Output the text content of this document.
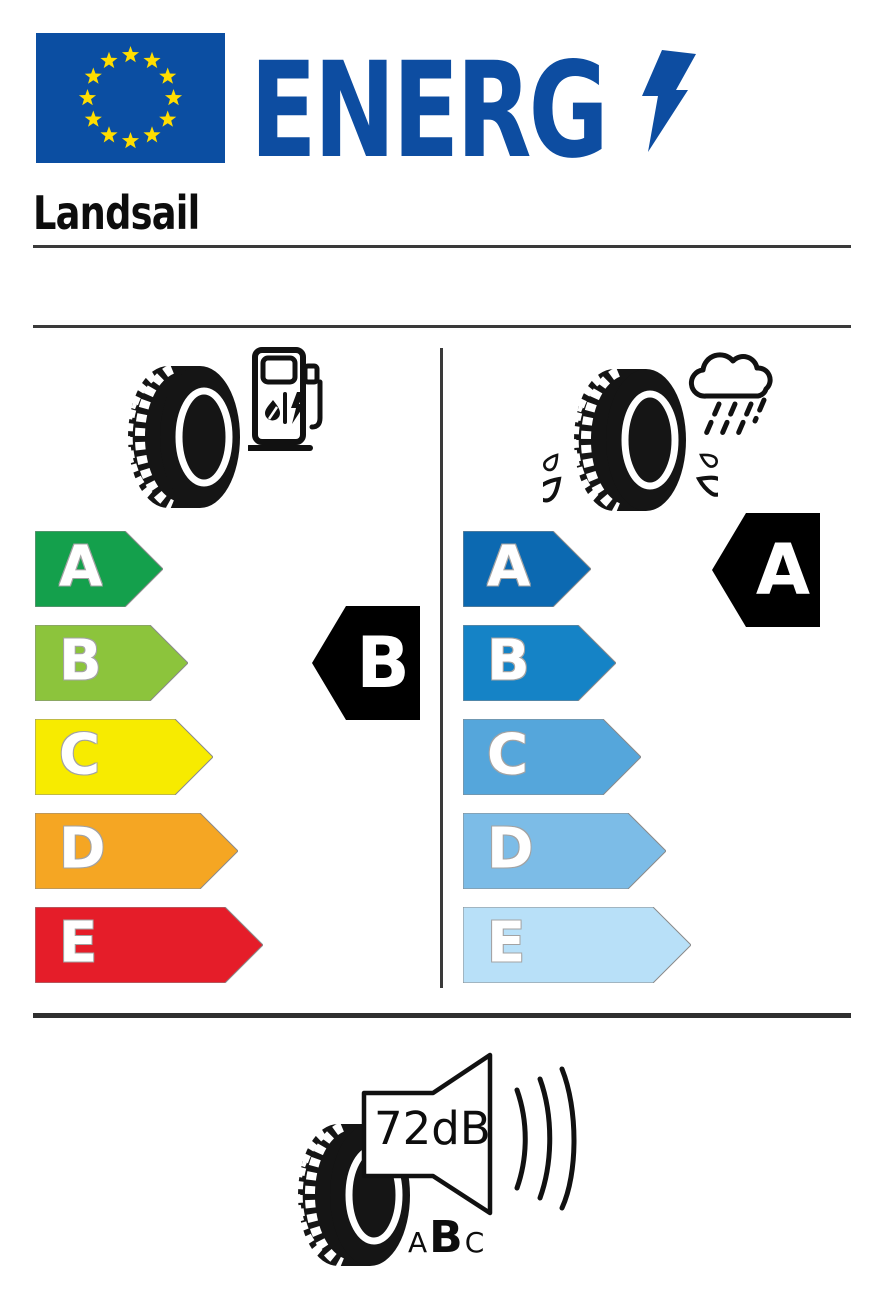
ENERG
Landsail
A
B
C
D
E
B
A
B
C
D
E
A
72dB
A B C
